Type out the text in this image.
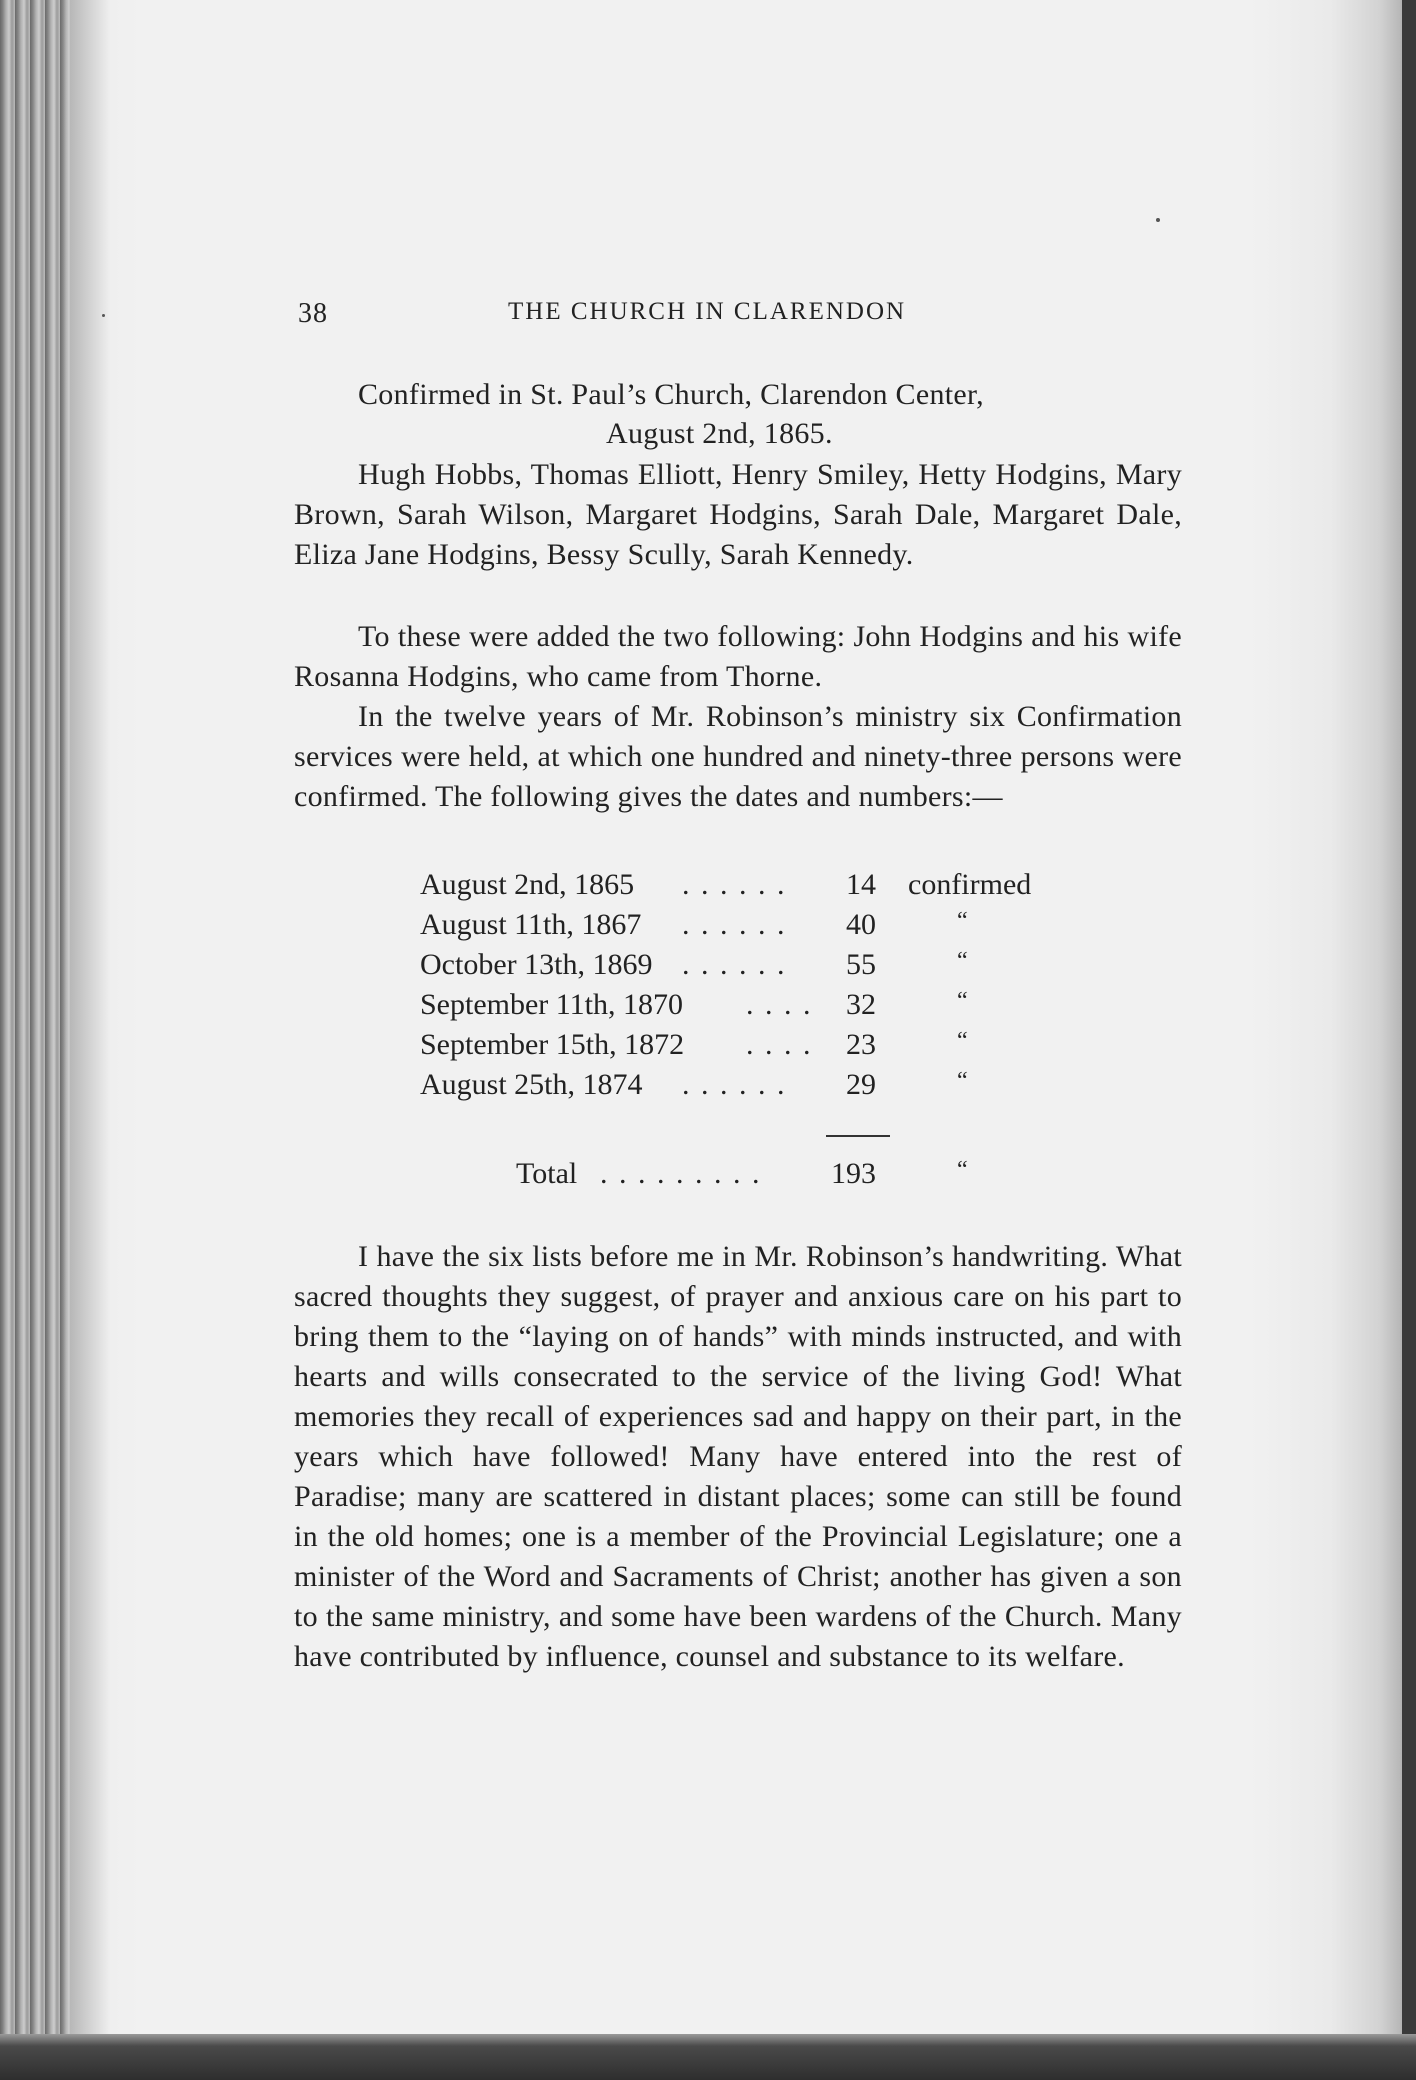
38	THE CHURCH IN CLARENDON
Confirmed in St. Paul’s Church, Clarendon Center,
August 2nd, 1865.

Hugh Hobbs, Thomas Elliott, Henry Smiley, Hetty Hodgins, Mary Brown, Sarah Wilson, Margaret Hodgins, Sarah Dale, Margaret Dale, Eliza Jane Hodgins, Bessy Scully, Sarah Kennedy.

To these were added the two following: John Hodgins and his wife Rosanna Hodgins, who came from Thorne.

In the twelve years of Mr. Robinson’s ministry six Confirmation services were held, at which one hundred and ninety-three persons were confirmed. The following gives the dates and numbers:—

August 2nd, 1865 . . . . . .	14 confirmed
August 11th, 1867 . . . . . .	40	“
October 13th, 1869 . . . . . .	55	“
September 11th, 1870 . . . .	32	“
September 15th, 1872 . . . .	23	“
August 25th, 1874 . . . . . .	29	“
Total . . . . . . . . .	193	“

I have the six lists before me in Mr. Robinson’s handwriting. What sacred thoughts they suggest, of prayer and anxious care on his part to bring them to the “laying on of hands” with minds instructed, and with hearts and wills consecrated to the service of the living God! What memories they recall of experiences sad and happy on their part, in the years which have followed! Many have entered into the rest of Paradise; many are scattered in distant places; some can still be found in the old homes; one is a member of the Provincial Legislature; one a minister of the Word and Sacraments of Christ; another has given a son to the same ministry, and some have been wardens of the Church. Many have contributed by influence, counsel and substance to its welfare.
